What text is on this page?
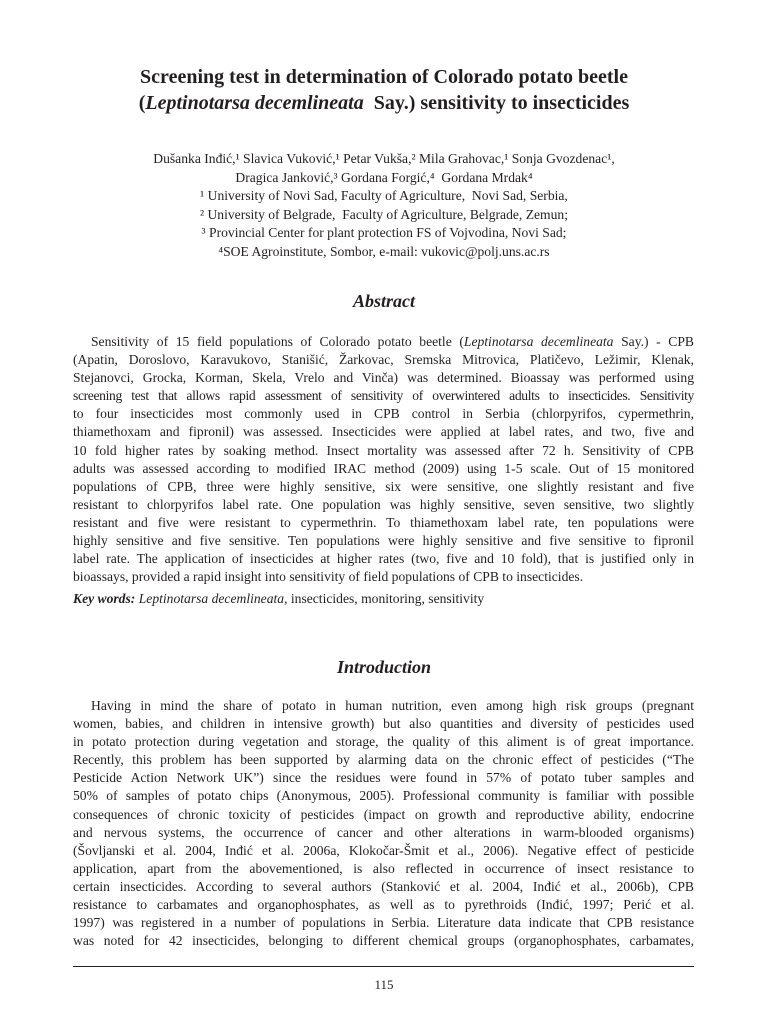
Screening test in determination of Colorado potato beetle
(Leptinotarsa decemlineata  Say.) sensitivity to insecticides
Dušanka Inđić,¹ Slavica Vuković,¹ Petar Vukša,² Mila Grahovac,¹ Sonja Gvozdenac¹,
Dragica Janković,³ Gordana Forgić,⁴  Gordana Mrdak⁴
¹ University of Novi Sad, Faculty of Agriculture,  Novi Sad, Serbia,
² University of Belgrade,  Faculty of Agriculture, Belgrade, Zemun;
³ Provincial Center for plant protection FS of Vojvodina, Novi Sad;
⁴SOE Agroinstitute, Sombor, e-mail: vukovic@polj.uns.ac.rs
Abstract
Sensitivity of 15 field populations of Colorado potato beetle (Leptinotarsa decemlineata Say.) - CPB
(Apatin, Doroslovo, Karavukovo, Stanišić, Žarkovac, Sremska Mitrovica, Platičevo, Ležimir, Klenak,
Stejanovci, Grocka, Korman, Skela, Vrelo and Vinča) was determined. Bioassay was performed using
screening test that allows rapid assessment of sensitivity of overwintered adults to insecticides. Sensitivity
to four insecticides most commonly used in CPB control in Serbia (chlorpyrifos, cypermethrin,
thiamethoxam and fipronil) was assessed. Insecticides were applied at label rates, and two, five and
10 fold higher rates by soaking method. Insect mortality was assessed after 72 h. Sensitivity of CPB
adults was assessed according to modified IRAC method (2009) using 1-5 scale. Out of 15 monitored
populations of CPB, three were highly sensitive, six were sensitive, one slightly resistant and five
resistant to chlorpyrifos label rate. One population was highly sensitive, seven sensitive, two slightly
resistant and five were resistant to cypermethrin. To thiamethoxam label rate, ten populations were
highly sensitive and five sensitive. Ten populations were highly sensitive and five sensitive to fipronil
label rate. The application of insecticides at higher rates (two, five and 10 fold), that is justified only in
bioassays, provided a rapid insight into sensitivity of field populations of CPB to insecticides.
Key words: Leptinotarsa decemlineata, insecticides, monitoring, sensitivity
Introduction
Having in mind the share of potato in human nutrition, even among high risk groups (pregnant
women, babies, and children in intensive growth) but also quantities and diversity of pesticides used
in potato protection during vegetation and storage, the quality of this aliment is of great importance.
Recently, this problem has been supported by alarming data on the chronic effect of pesticides (“The
Pesticide Action Network UK”) since the residues were found in 57% of potato tuber samples and
50% of samples of potato chips (Anonymous, 2005). Professional community is familiar with possible
consequences of chronic toxicity of pesticides (impact on growth and reproductive ability, endocrine
and nervous systems, the occurrence of cancer and other alterations in warm-blooded organisms)
(Šovljanski et al. 2004, Inđić et al. 2006a, Klokočar-Šmit et al., 2006). Negative effect of pesticide
application, apart from the abovementioned, is also reflected in occurrence of insect resistance to
certain insecticides. According to several authors (Stanković et al. 2004, Inđić et al., 2006b), CPB
resistance to carbamates and organophosphates, as well as to pyrethroids (Inđić, 1997; Perić et al.
1997) was registered in a number of populations in Serbia. Literature data indicate that CPB resistance
was noted for 42 insecticides, belonging to different chemical groups (organophosphates, carbamates,
115
